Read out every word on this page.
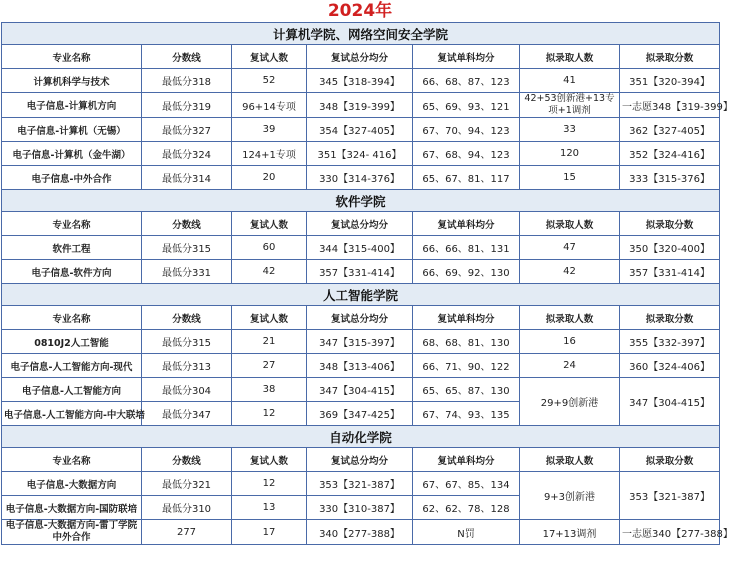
2024年
计算机学院、网络空间安全学院						
专业名称	分数线	复试人数	复试总分均分	复试单科均分	拟录取人数	拟录取分数
计算机科学与技术	最低分318	52	345【318-394】	66、68、87、123	41	351【320-394】
电子信息-计算机方向	最低分319	96+14专项	348【319-399】	65、69、93、121	42+53创新港+13专项+1调剂	一志愿348【319-399】
电子信息-计算机（无锡）	最低分327	39	354【327-405】	67、70、94、123	33	362【327-405】
电子信息-计算机（金牛湖）	最低分324	124+1专项	351【324- 416】	67、68、94、123	120	352【324-416】
电子信息-中外合作	最低分314	20	330【314-376】	65、67、81、117	15	333【315-376】
软件学院						
专业名称	分数线	复试人数	复试总分均分	复试单科均分	拟录取人数	拟录取分数
软件工程	最低分315	60	344【315-400】	66、66、81、131	47	350【320-400】
电子信息-软件方向	最低分331	42	357【331-414】	66、69、92、130	42	357【331-414】
人工智能学院						
专业名称	分数线	复试人数	复试总分均分	复试单科均分	拟录取人数	拟录取分数
0810J2人工智能	最低分315	21	347【315-397】	68、68、81、130	16	355【332-397】
电子信息-人工智能方向-现代	最低分313	27	348【313-406】	66、71、90、122	24	360【324-406】
电子信息-人工智能方向	最低分304	38	347【304-415】	65、65、87、130	29+9创新港	347【304-415】
电子信息-人工智能方向-中大联培	最低分347	12	369【347-425】	67、74、93、135		
自动化学院						
专业名称	分数线	复试人数	复试总分均分	复试单科均分	拟录取人数	拟录取分数
电子信息-大数据方向	最低分321	12	353【321-387】	67、67、85、134	9+3创新港	353【321-387】
电子信息-大数据方向-国防联培	最低分310	13	330【310-387】	62、62、78、128		
电子信息-大数据方向-雷丁学院中外合作	277	17	340【277-388】	N罚	17+13调剂	一志愿340【277-388】
